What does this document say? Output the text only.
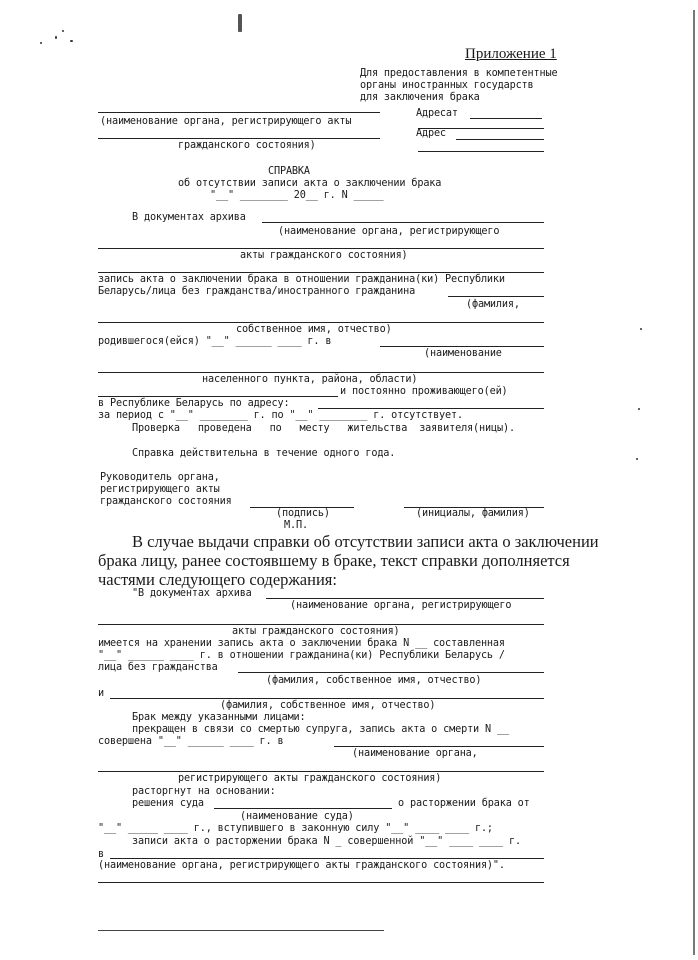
Приложение 1
Для предоставления в компетентные
органы иностранных государств
для заключения брака
Адресат
Адрес
(наименование органа, регистрирующего акты
гражданского состояния)
СПРАВКА
об отсутствии записи акта о заключении брака
"__" ________ 20__ г. N _____
В документах архива
(наименование органа, регистрирующего
акты гражданского состояния)
запись акта о заключении брака в отношении гражданина(ки) Республики
Беларусь/лица без гражданства/иностранного гражданина
(фамилия,
собственное имя, отчество)
родившегося(ейся) "__" ______ ____ г. в
(наименование
населенного пункта, района, области)
и постоянно проживающего(ей)
в Республике Беларусь по адресу:
за период с "__" ________ г. по "__" ________ г. отсутствует.
Проверка   проведена   по   месту   жительства  заявителя(ницы).
Справка действительна в течение одного года.
Руководитель органа,
регистрирующего акты
гражданского состояния
(подпись)	(инициалы, фамилия)
М.П.
В случае выдачи справки об отсутствии записи акта о заключении
брака лицу, ранее состоявшему в браке, текст справки дополняется
частями следующего содержания:
"В документах архива
(наименование органа, регистрирующего
акты гражданского состояния)
имеется на хранении запись акта о заключении брака N __ составленная
"__" ______ ____ г. в отношении гражданина(ки) Республики Беларусь /
лица без гражданства
(фамилия, собственное имя, отчество)
и
(фамилия, собственное имя, отчество)
Брак между указанными лицами:
прекращен в связи со смертью супруга, запись акта о смерти N __
совершена "__" ______ ____ г. в
(наименование органа,
регистрирующего акты гражданского состояния)
расторгнут на основании:
решения суда	о расторжении брака от
(наименование суда)
"__" _____ ____ г., вступившего в законную силу "__" ____ ____ г.;
записи акта о расторжении брака N _ совершенной "__" ____ ____ г.
в
(наименование органа, регистрирующего акты гражданского состояния)".
